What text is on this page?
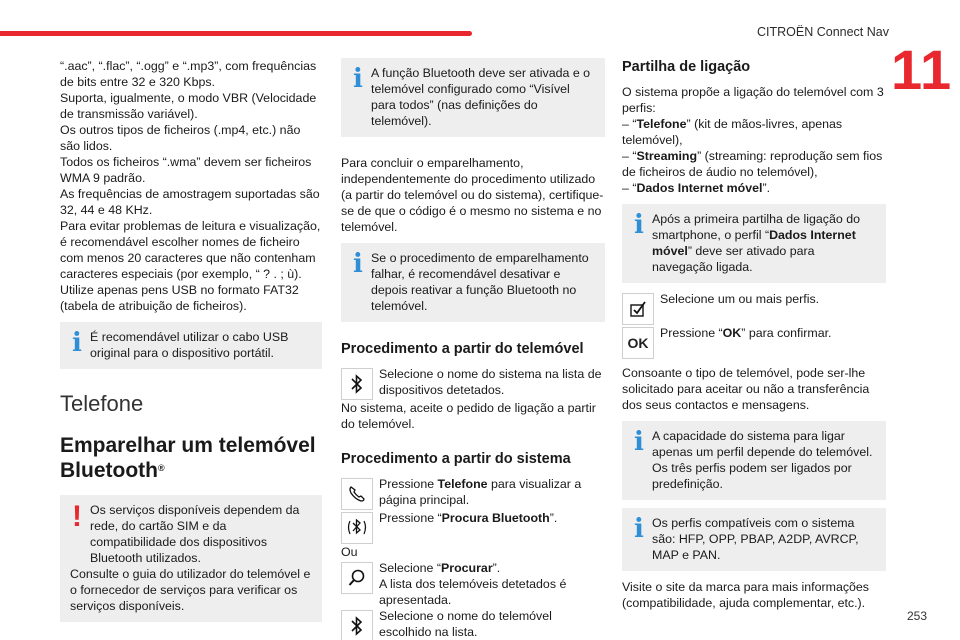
CITROËN Connect Nav
11
253

“.aac”, “.flac”, “.ogg” e “.mp3”, com frequências de bits entre 32 e 320 Kbps.

Suporta, igualmente, o modo VBR (Velocidade de transmissão variável).

Os outros tipos de ficheiros (.mp4, etc.) não são lidos.

Todos os ficheiros “.wma” devem ser ficheiros WMA 9 padrão.

As frequências de amostragem suportadas são 32, 44 e 48 KHz.

Para evitar problemas de leitura e visualização, é recomendável escolher nomes de ficheiro com menos 20 caracteres que não contenham caracteres especiais (por exemplo, “ ? . ; ù).

Utilize apenas pens USB no formato FAT32 (tabela de atribuição de ficheiros).

i É recomendável utilizar o cabo USB original para o dispositivo portátil.

Telefone
Emparelhar um telemóvel Bluetooth®
! Os serviços disponíveis dependem da rede, do cartão SIM e da compatibilidade dos dispositivos Bluetooth utilizados.

Consulte o guia do utilizador do telemóvel e o fornecedor de serviços para verificar os serviços disponíveis.

i A função Bluetooth deve ser ativada e o telemóvel configurado como “Visível para todos” (nas definições do telemóvel).

Para concluir o emparelhamento, independentemente do procedimento utilizado (a partir do telemóvel ou do sistema), certifique-se de que o código é o mesmo no sistema e no telemóvel.

i Se o procedimento de emparelhamento falhar, é recomendável desativar e depois reativar a função Bluetooth no telemóvel.

Procedimento a partir do telemóvel

Selecione o nome do sistema na lista de dispositivos detetados.

No sistema, aceite o pedido de ligação a partir do telemóvel.

Procedimento a partir do sistema

Pressione Telefone para visualizar a página principal.

Pressione “Procura Bluetooth”.

Ou

Selecione “Procurar”.
A lista dos telemóveis detetados é apresentada.

Selecione o nome do telemóvel escolhido na lista.

Partilha de ligação

O sistema propõe a ligação do telemóvel com 3 perfis:

– “Telefone” (kit de mãos-livres, apenas telemóvel),

– “Streaming” (streaming: reprodução sem fios de ficheiros de áudio no telemóvel),

– “Dados Internet móvel”.

i Após a primeira partilha de ligação do smartphone, o perfil “Dados Internet móvel” deve ser ativado para navegação ligada.

Selecione um ou mais perfis.

OK

Pressione “OK” para confirmar.

Consoante o tipo de telemóvel, pode ser-lhe solicitado para aceitar ou não a transferência dos seus contactos e mensagens.

i A capacidade do sistema para ligar apenas um perfil depende do telemóvel. Os três perfis podem ser ligados por predefinição.

i Os perfis compatíveis com o sistema são: HFP, OPP, PBAP, A2DP, AVRCP, MAP e PAN.

Visite o site da marca para mais informações (compatibilidade, ajuda complementar, etc.).
